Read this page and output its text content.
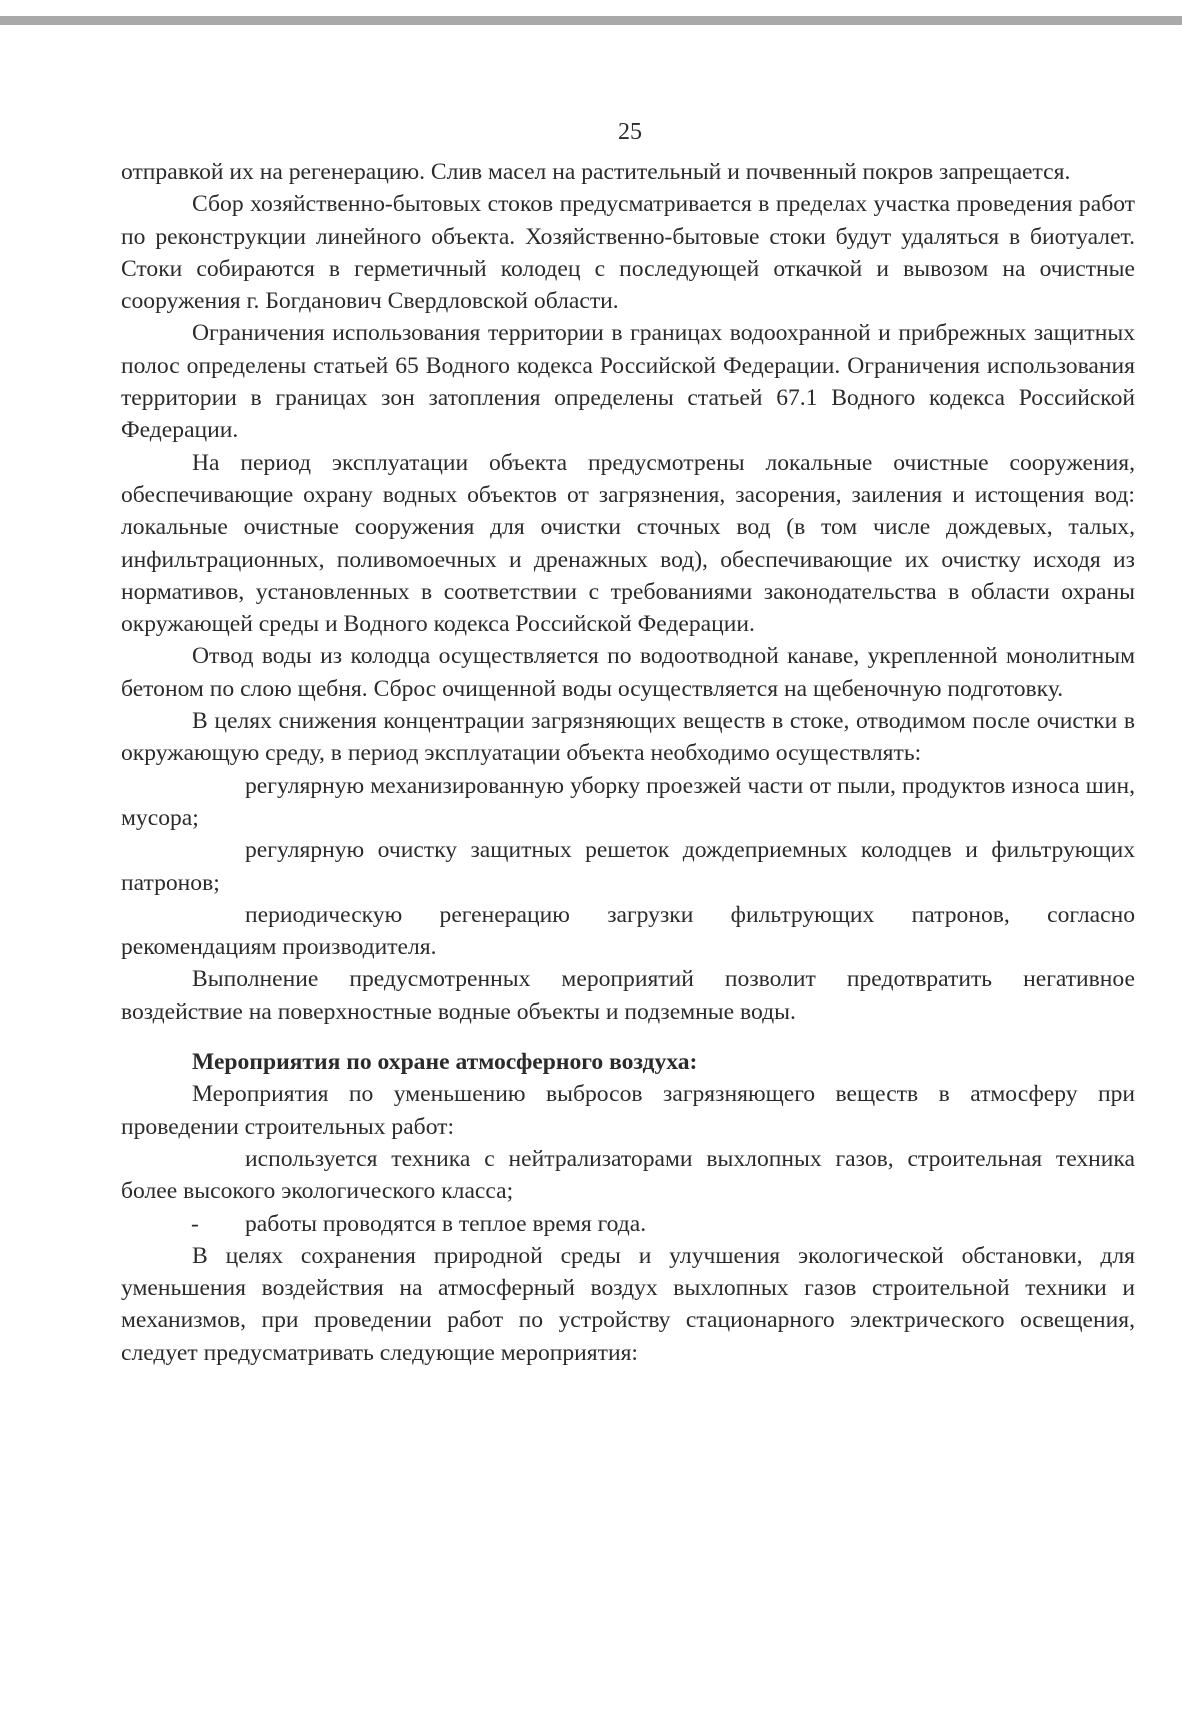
25

отправкой их на регенерацию. Слив масел на растительный и почвенный покров запрещается.

Сбор хозяйственно-бытовых стоков предусматривается в пределах участка проведения работ по реконструкции линейного объекта. Хозяйственно-бытовые стоки будут удаляться в биотуалет. Стоки собираются в герметичный колодец с последующей откачкой и вывозом на очистные сооружения г. Богданович Свердловской области.

Ограничения использования территории в границах водоохранной и прибрежных защитных полос определены статьей 65 Водного кодекса Российской Федерации. Ограничения использования территории в границах зон затопления определены статьей 67.1 Водного кодекса Российской Федерации.

На период эксплуатации объекта предусмотрены локальные очистные сооружения, обеспечивающие охрану водных объектов от загрязнения, засорения, заиления и истощения вод: локальные очистные сооружения для очистки сточных вод (в том числе дождевых, талых, инфильтрационных, поливомоечных и дренажных вод), обеспечивающие их очистку исходя из нормативов, установленных в соответствии с требованиями законодательства в области охраны окружающей среды и Водного кодекса Российской Федерации.

Отвод воды из колодца осуществляется по водоотводной канаве, укрепленной монолитным бетоном по слою щебня. Сброс очищенной воды осуществляется на щебеночную подготовку.

В целях снижения концентрации загрязняющих веществ в стоке, отводимом после очистки в окружающую среду, в период эксплуатации объекта необходимо осуществлять:

регулярную механизированную уборку проезжей части от пыли, продуктов износа шин, мусора;

регулярную очистку защитных решеток дождеприемных колодцев и фильтрующих патронов;

периодическую регенерацию загрузки фильтрующих патронов, согласно рекомендациям производителя.

Выполнение предусмотренных мероприятий позволит предотвратить негативное воздействие на поверхностные водные объекты и подземные воды.

Мероприятия по охране атмосферного воздуха:

Мероприятия по уменьшению выбросов загрязняющего веществ в атмосферу при проведении строительных работ:

используется техника с нейтрализаторами выхлопных газов, строительная техника более высокого экологического класса;

- работы проводятся в теплое время года.

В целях сохранения природной среды и улучшения экологической обстановки, для уменьшения воздействия на атмосферный воздух выхлопных газов строительной техники и механизмов, при проведении работ по устройству стационарного электрического освещения, следует предусматривать следующие мероприятия:
